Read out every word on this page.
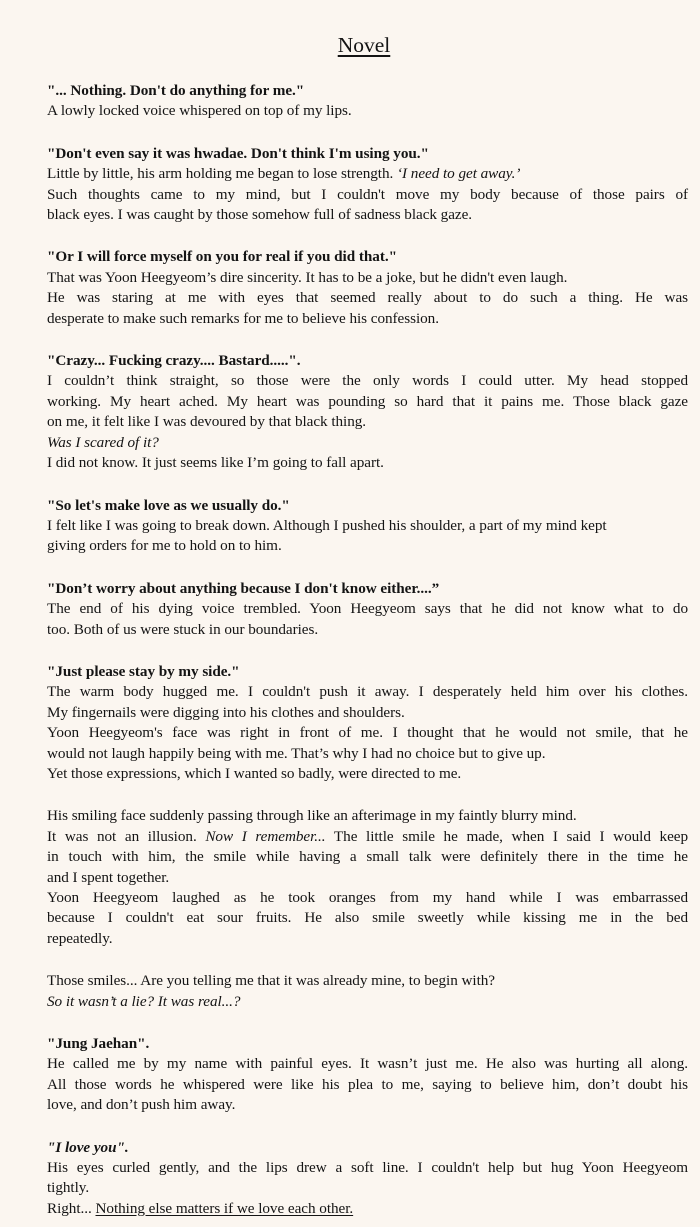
Novel
"... Nothing. Don't do anything for me."
A lowly locked voice whispered on top of my lips.
"Don't even say it was hwadae. Don't think I'm using you."
Little by little, his arm holding me began to lose strength. ‘I need to get away.’
Such thoughts came to my mind, but I couldn't move my body because of those pairs of
black eyes. I was caught by those somehow full of sadness black gaze.
"Or I will force myself on you for real if you did that."
That was Yoon Heegyeom’s dire sincerity. It has to be a joke, but he didn't even laugh.
He was staring at me with eyes that seemed really about to do such a thing. He was
desperate to make such remarks for me to believe his confession.
"Crazy... Fucking crazy.... Bastard.....".
I couldn’t think straight, so those were the only words I could utter. My head stopped
working. My heart ached. My heart was pounding so hard that it pains me. Those black gaze
on me, it felt like I was devoured by that black thing.
Was I scared of it?
I did not know. It just seems like I’m going to fall apart.
"So let's make love as we usually do."
I felt like I was going to break down. Although I pushed his shoulder, a part of my mind kept
giving orders for me to hold on to him.
"Don’t worry about anything because I don't know either....”
The end of his dying voice trembled. Yoon Heegyeom says that he did not know what to do
too. Both of us were stuck in our boundaries.
"Just please stay by my side."
The warm body hugged me. I couldn't push it away. I desperately held him over his clothes.
My fingernails were digging into his clothes and shoulders.
Yoon Heegyeom's face was right in front of me. I thought that he would not smile, that he
would not laugh happily being with me. That’s why I had no choice but to give up.
Yet those expressions, which I wanted so badly, were directed to me.
His smiling face suddenly passing through like an afterimage in my faintly blurry mind.
It was not an illusion. Now I remember... The little smile he made, when I said I would keep
in touch with him, the smile while having a small talk were definitely there in the time he
and I spent together.
Yoon Heegyeom laughed as he took oranges from my hand while I was embarrassed
because I couldn't eat sour fruits. He also smile sweetly while kissing me in the bed
repeatedly.
Those smiles... Are you telling me that it was already mine, to begin with?
So it wasn’t a lie? It was real...?
"Jung Jaehan".
He called me by my name with painful eyes. It wasn’t just me. He also was hurting all along.
All those words he whispered were like his plea to me, saying to believe him, don’t doubt his
love, and don’t push him away.
"I love you".
His eyes curled gently, and the lips drew a soft line. I couldn't help but hug Yoon Heegyeom
tightly.
Right... Nothing else matters if we love each other.
